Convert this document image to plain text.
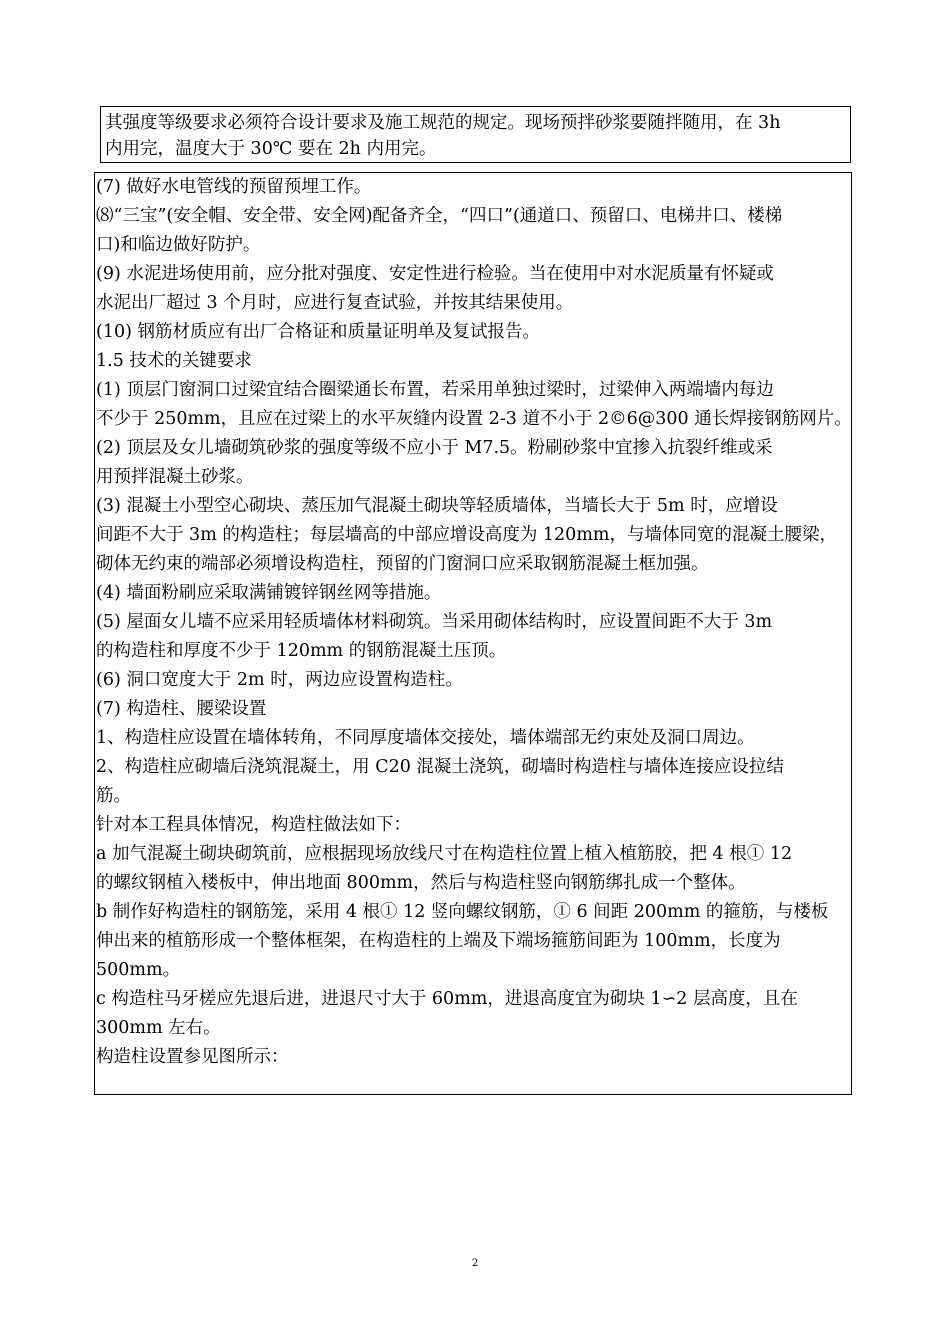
其强度等级要求必须符合设计要求及施工规范的规定。现场预拌砂浆要随拌随用，在 3h
内用完，温度大于 30℃ 要在 2h 内用完。
(7) 做好水电管线的预留预埋工作。
⑻“三宝”(安全帽、安全带、安全网)配备齐全，“四口”(通道口、预留口、电梯井口、楼梯
口)和临边做好防护。
(9) 水泥进场使用前，应分批对强度、安定性进行检验。当在使用中对水泥质量有怀疑或
水泥出厂超过 3 个月时，应进行复查试验，并按其结果使用。
(10) 钢筋材质应有出厂合格证和质量证明单及复试报告。
1.5 技术的关键要求
(1) 顶层门窗洞口过梁宜结合圈梁通长布置，若采用单独过梁时，过梁伸入两端墙内每边
不少于 250mm，且应在过梁上的水平灰缝内设置 2-3 道不小于 2©6@300 通长焊接钢筋网片。
(2) 顶层及女儿墙砌筑砂浆的强度等级不应小于 M7.5。粉刷砂浆中宜掺入抗裂纤维或采
用预拌混凝土砂浆。
(3) 混凝土小型空心砌块、蒸压加气混凝土砌块等轻质墙体，当墙长大于 5m 时，应增设
间距不大于 3m 的构造柱；每层墙高的中部应增设高度为 120mm，与墙体同宽的混凝土腰梁，
砌体无约束的端部必须增设构造柱，预留的门窗洞口应采取钢筋混凝土框加强。
(4) 墙面粉刷应采取满铺镀锌钢丝网等措施。
(5) 屋面女儿墙不应采用轻质墙体材料砌筑。当采用砌体结构时，应设置间距不大于 3m
的构造柱和厚度不少于 120mm 的钢筋混凝土压顶。
(6) 洞口宽度大于 2m 时，两边应设置构造柱。
(7) 构造柱、腰梁设置
1、构造柱应设置在墙体转角，不同厚度墙体交接处，墙体端部无约束处及洞口周边。
2、构造柱应砌墙后浇筑混凝土，用 C20 混凝土浇筑，砌墙时构造柱与墙体连接应设拉结
筋。
针对本工程具体情况，构造柱做法如下：
a 加气混凝土砌块砌筑前，应根据现场放线尺寸在构造柱位置上植入植筋胶，把 4 根① 12
的螺纹钢植入楼板中，伸出地面 800mm，然后与构造柱竖向钢筋绑扎成一个整体。
b 制作好构造柱的钢筋笼，采用 4 根① 12 竖向螺纹钢筋，① 6 间距 200mm 的箍筋，与楼板
伸出来的植筋形成一个整体框架，在构造柱的上端及下端场箍筋间距为 100mm，长度为
500mm。
c 构造柱马牙槎应先退后进，进退尺寸大于 60mm，进退高度宜为砌块 1∽2 层高度，且在
300mm 左右。
构造柱设置参见图所示：
2
